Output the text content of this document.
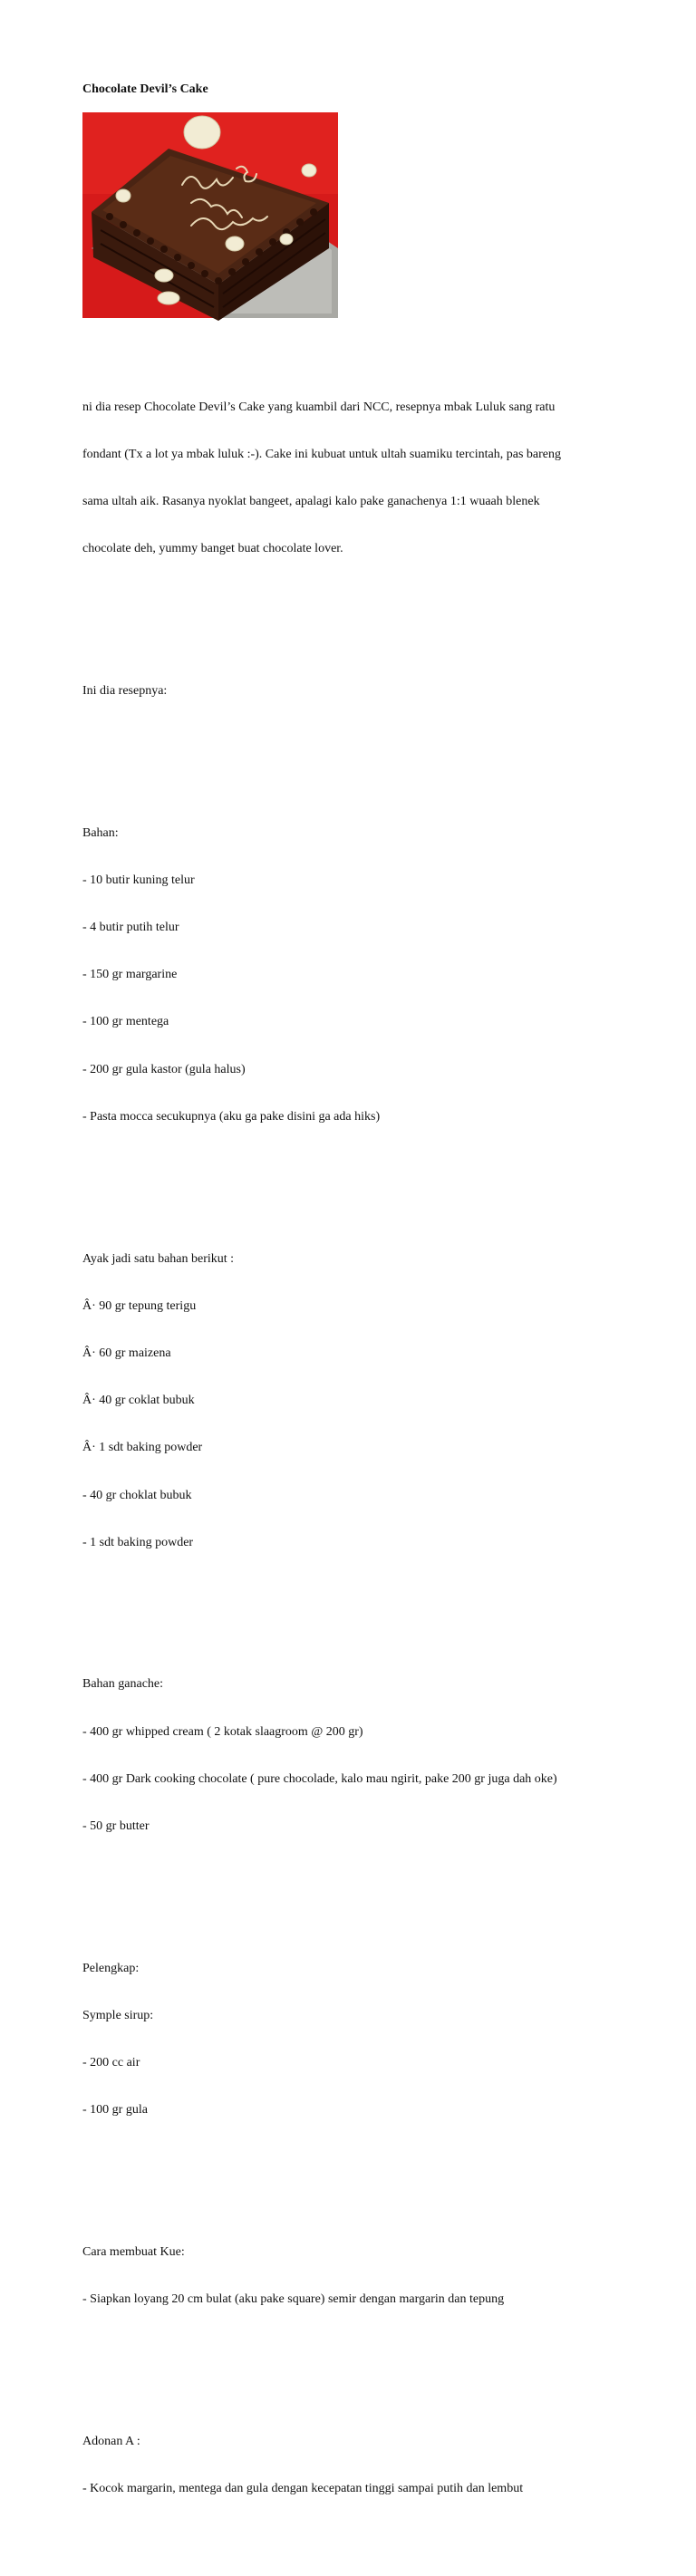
Chocolate Devil’s Cake

ni dia resep Chocolate Devil’s Cake yang kuambil dari NCC, resepnya mbak Luluk sang ratu

fondant (Tx a lot ya mbak luluk :-). Cake ini kubuat untuk ultah suamiku tercintah, pas bareng

sama ultah aik. Rasanya nyoklat bangeet, apalagi kalo pake ganachenya 1:1 wuaah blenek

chocolate deh, yummy banget buat chocolate lover.

Ini dia resepnya:

Bahan:

- 10 butir kuning telur

- 4 butir putih telur

- 150 gr margarine

- 100 gr mentega

- 200 gr gula kastor (gula halus)

- Pasta mocca secukupnya (aku ga pake disini ga ada hiks)

Ayak jadi satu bahan berikut :

Â· 90 gr tepung terigu

Â· 60 gr maizena

Â· 40 gr coklat bubuk

Â· 1 sdt baking powder

- 40 gr choklat bubuk

- 1 sdt baking powder

Bahan ganache:

- 400 gr whipped cream ( 2 kotak slaagroom @ 200 gr)

- 400 gr Dark cooking chocolate ( pure chocolade, kalo mau ngirit, pake 200 gr juga dah oke)

- 50 gr butter

Pelengkap:

Symple sirup:

- 200 cc air

- 100 gr gula

Cara membuat Kue:

- Siapkan loyang 20 cm bulat (aku pake square) semir dengan margarin dan tepung

Adonan A :

- Kocok margarin, mentega dan gula dengan kecepatan tinggi sampai putih dan lembut
